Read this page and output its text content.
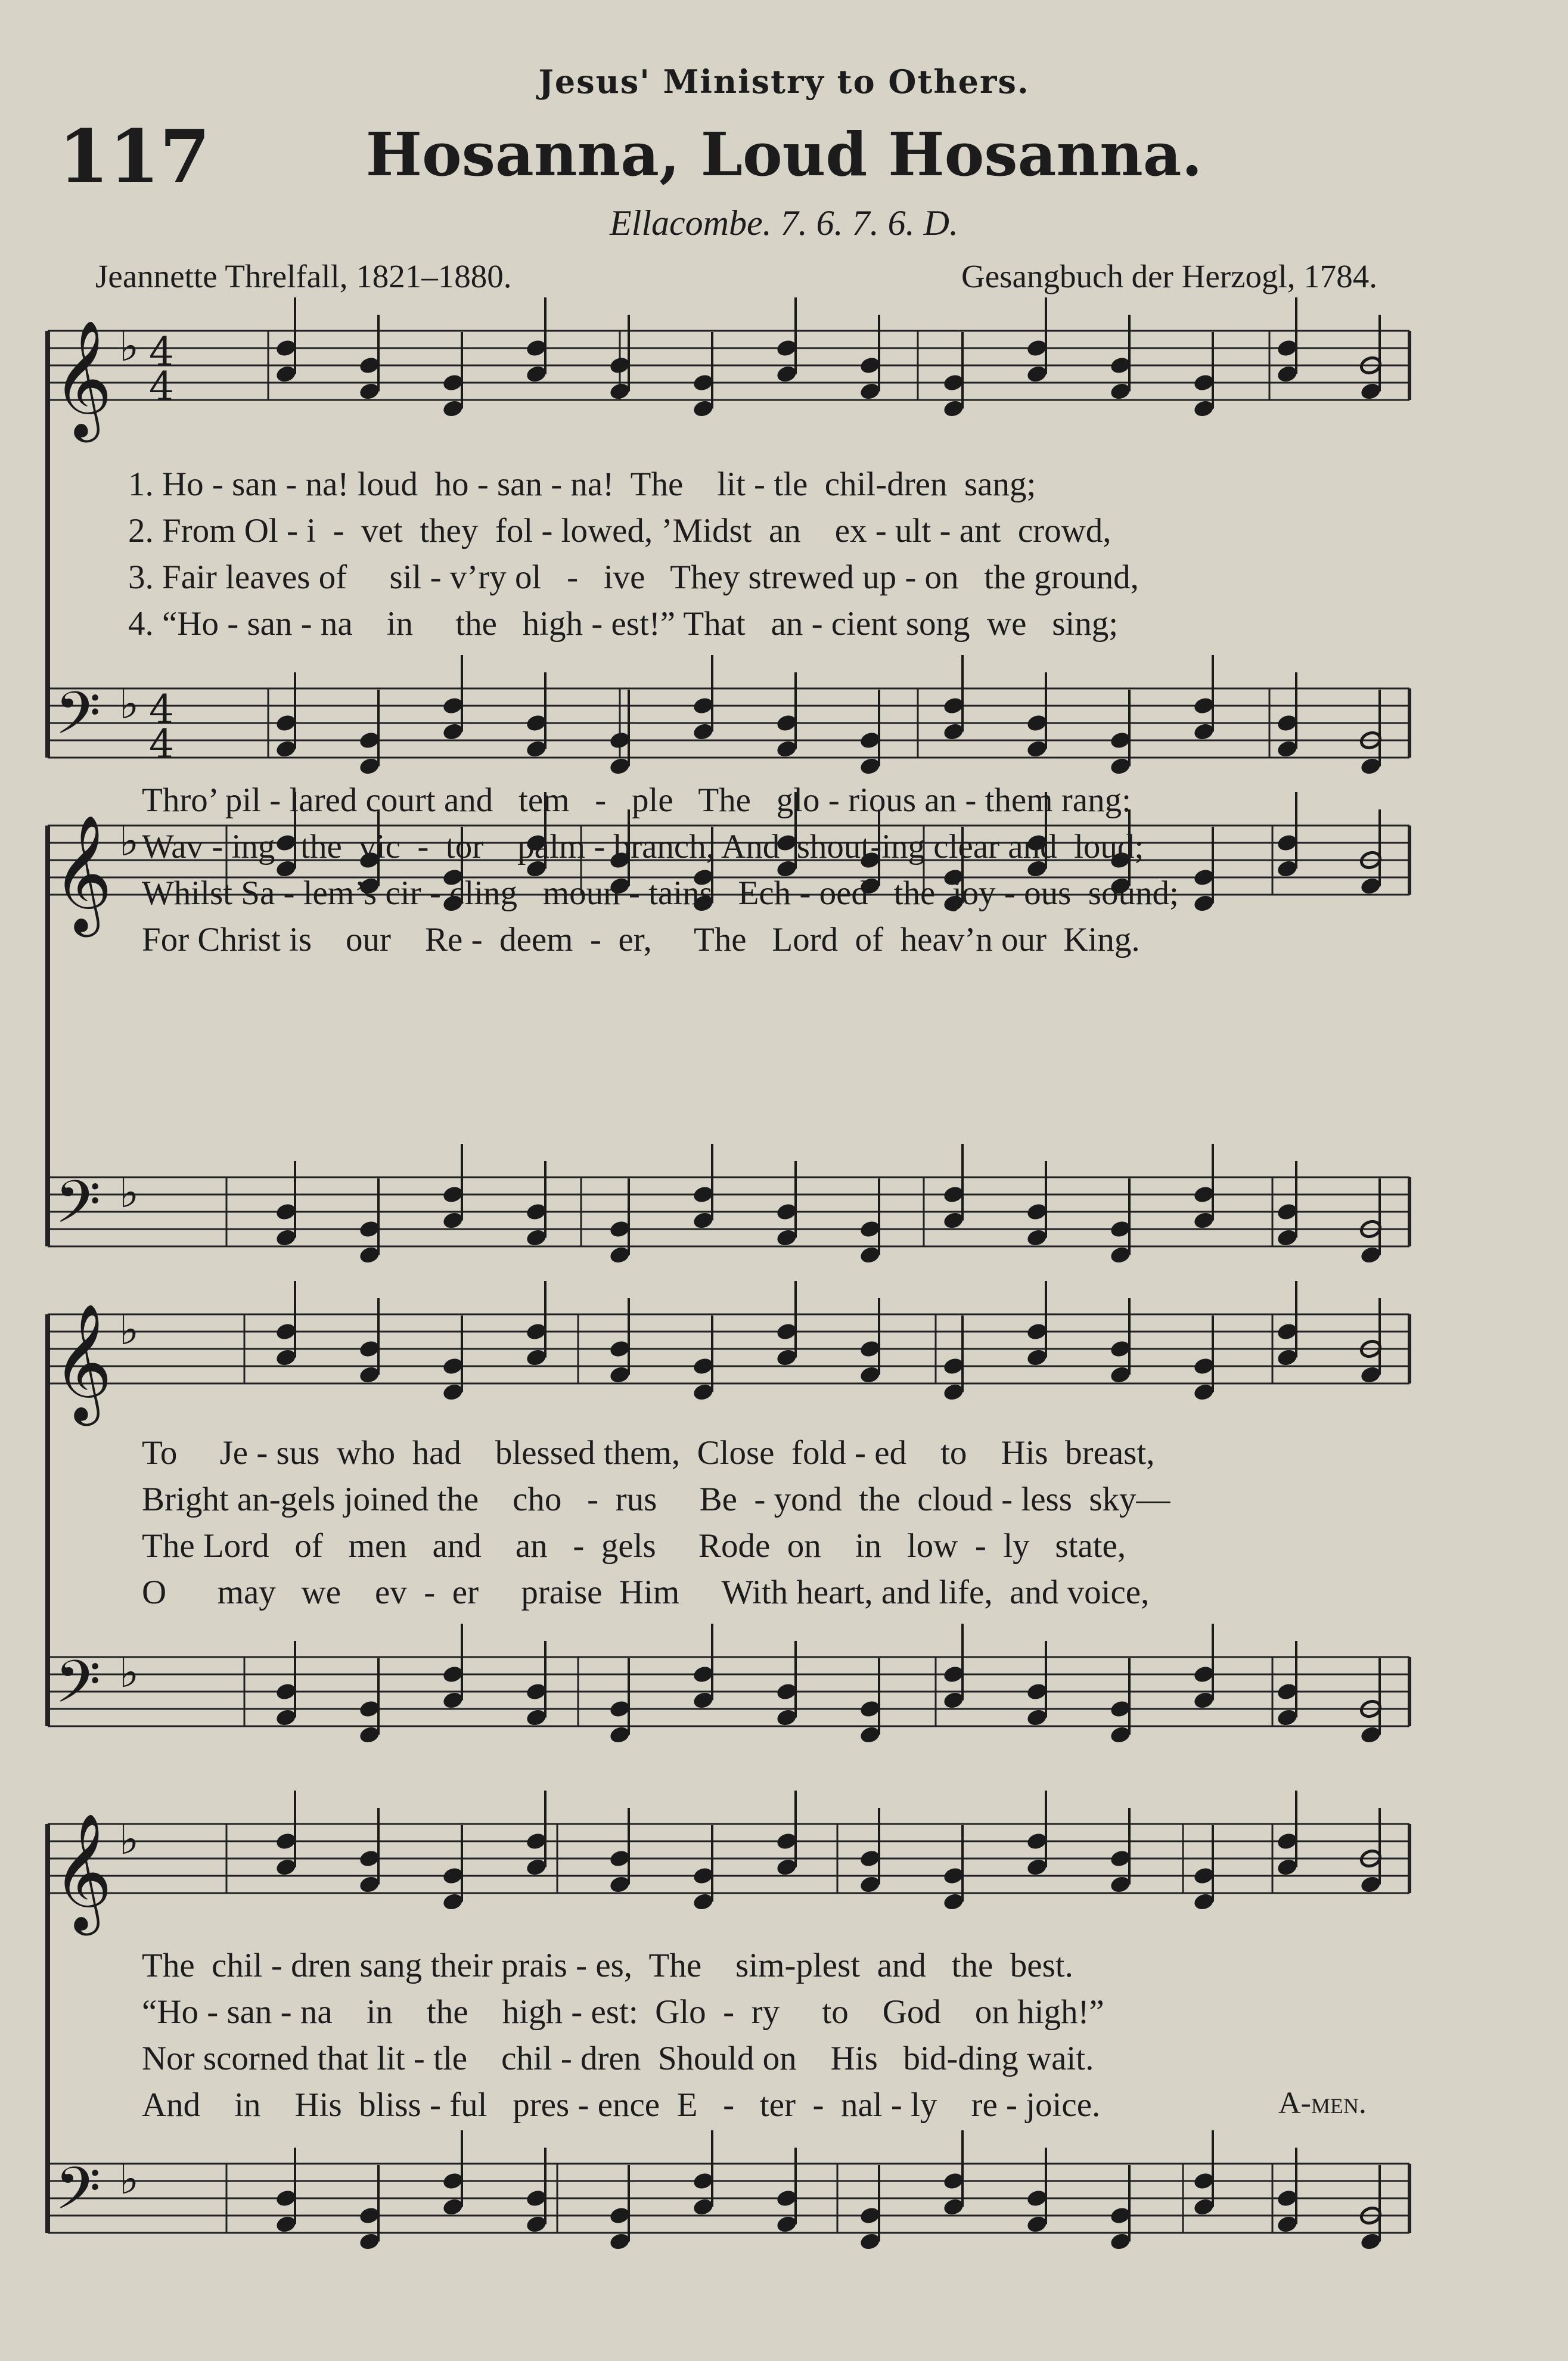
Jesus' Ministry to Others.
117	Hosanna, Loud Hosanna.
Ellacombe. 7. 6. 7. 6. D.
Jeannette Threlfall, 1821–1880.	Gesangbuch der Herzogl, 1784.
𝄞 ♭ 4
4
𝄢 ♭ 4
4
𝄞 ♭
𝄢 ♭
𝄞 ♭
𝄢 ♭
𝄞 ♭
𝄢 ♭
1. Ho - san - na! loud  ho - san - na!  The    lit - tle  chil-dren  sang;
2. From Ol - i  -  vet  they  fol - lowed, ’Midst  an    ex - ult - ant  crowd,
3. Fair leaves of     sil - v’ry ol   -   ive   They strewed up - on   the ground,
4. “Ho - san - na    in     the   high - est!” That   an - cient song  we   sing;
Thro’ pil - lared court and   tem   -   ple   The   glo - rious an - them rang:
Wav - ing   the  vic  -  tor    palm - branch, And  shout-ing clear and  loud;
Whilst Sa - lem’s cir - cling   moun - tains   Ech - oed   the  joy - ous  sound;
For Christ is    our    Re -  deem  -  er,     The   Lord  of  heav’n our  King.
To     Je - sus  who  had    blessed them,  Close  fold - ed    to    His  breast,
Bright an-gels joined the    cho   -  rus     Be  - yond  the  cloud - less  sky—
The Lord   of   men   and    an   -  gels     Rode  on    in   low  -  ly   state,
O      may   we    ev  -  er     praise  Him     With heart, and life,  and voice,
The  chil - dren sang their prais - es,  The    sim-plest  and   the  best.
“Ho - san - na    in    the    high - est:  Glo  -  ry     to    God    on high!”
Nor scorned that lit - tle    chil - dren  Should on    His   bid-ding wait.
And    in    His  bliss - ful   pres - ence  E   -   ter  -  nal - ly    re - joice.	A-men.
